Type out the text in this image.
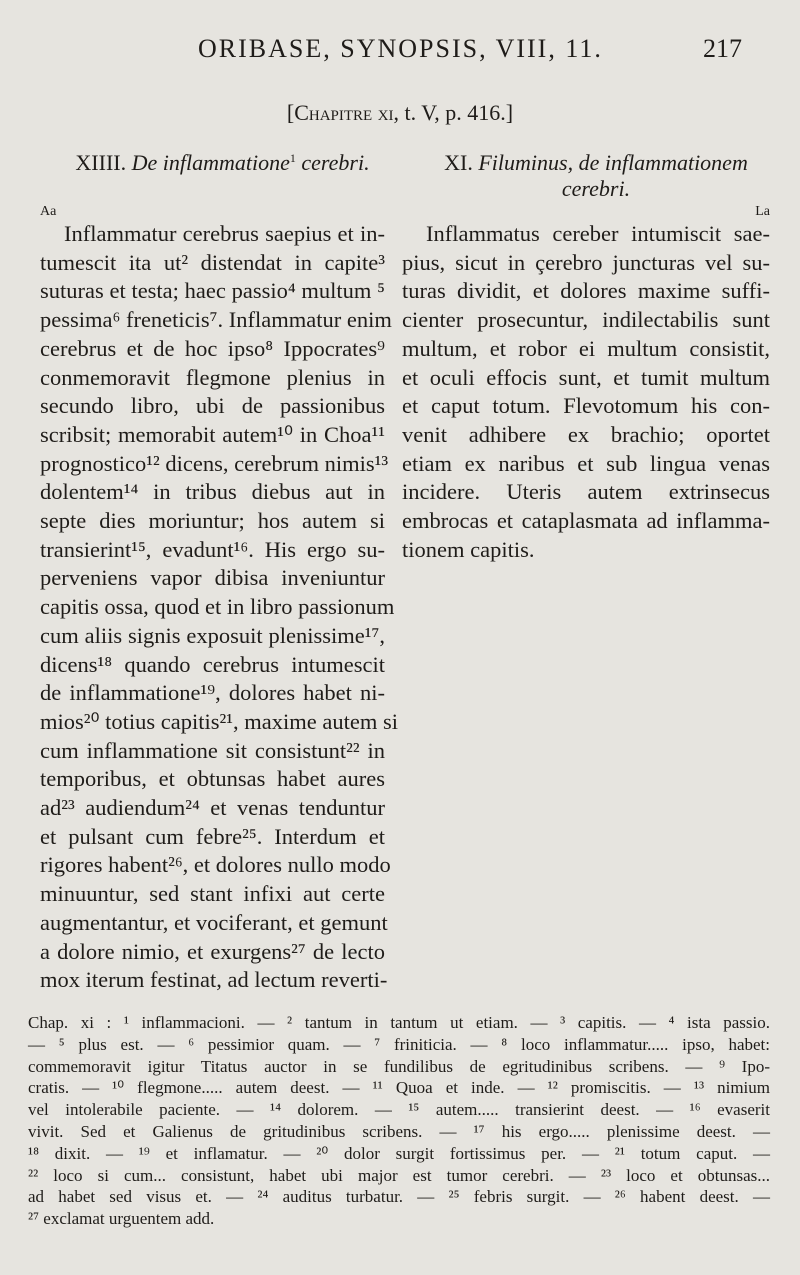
ORIBASE, SYNOPSIS, VIII, 11.	217
[Chapitre xi, t. V, p. 416.]
XIIII. De inflammatione$^1$ cerebri.
Aa
Inflammatur cerebrus saepius et in-
tumescit ita ut² distendat in capite³
suturas et testa; haec passio⁴ multum ⁵
pessima⁶ freneticis⁷. Inflammatur enim
cerebrus et de hoc ipso⁸ Ippocrates⁹
conmemoravit flegmone plenius in
secundo libro, ubi de passionibus
scribsit; memorabit autem¹⁰ in Choa¹¹
prognostico¹² dicens, cerebrum nimis¹³
dolentem¹⁴ in tribus diebus aut in
septe dies moriuntur; hos autem si
transierint¹⁵, evadunt¹⁶. His ergo su-
perveniens vapor dibisa inveniuntur
capitis ossa, quod et in libro passionum
cum aliis signis exposuit plenissime¹⁷,
dicens¹⁸ quando cerebrus intumescit
de inflammatione¹⁹, dolores habet ni-
mios²⁰ totius capitis²¹, maxime autem si
cum inflammatione sit consistunt²² in
temporibus, et obtunsas habet aures
ad²³ audiendum²⁴ et venas tenduntur
et pulsant cum febre²⁵. Interdum et
rigores habent²⁶, et dolores nullo modo
minuuntur, sed stant infixi aut certe
augmentantur, et vociferant, et gemunt
a dolore nimio, et exurgens²⁷ de lecto
mox iterum festinat, ad lectum reverti-
XI. Filuminus, de inflammationem
cerebri.
La
Inflammatus cereber intumiscit sae-
pius, sicut in çerebro juncturas vel su-
turas dividit, et dolores maxime suffi-
cienter prosecuntur, indilectabilis sunt
multum, et robor ei multum consistit,
et oculi effocis sunt, et tumit multum
et caput totum. Flevotomum his con-
venit adhibere ex brachio; oportet
etiam ex naribus et sub lingua venas
incidere. Uteris autem extrinsecus
embrocas et cataplasmata ad inflamma-
tionem capitis.
Chap. xi : ¹ inflammacioni. — ² tantum in tantum ut etiam. — ³ capitis. — ⁴ ista passio.
— ⁵ plus est. — ⁶ pessimior quam. — ⁷ friniticia. — ⁸ loco inflammatur..... ipso, habet:
commemoravit igitur Titatus auctor in se fundilibus de egritudinibus scribens. — ⁹ Ipo-
cratis. — ¹⁰ flegmone..... autem deest. — ¹¹ Quoa et inde. — ¹² promiscitis. — ¹³ nimium
vel intolerabile paciente. — ¹⁴ dolorem. — ¹⁵ autem..... transierint deest. — ¹⁶ evaserit
vivit. Sed et Galienus de gritudinibus scribens. — ¹⁷ his ergo..... plenissime deest. —
¹⁸ dixit. — ¹⁹ et inflamatur. — ²⁰ dolor surgit fortissimus per. — ²¹ totum caput. —
²² loco si cum... consistunt, habet ubi major est tumor cerebri. — ²³ loco et obtunsas...
ad habet sed visus et. — ²⁴ auditus turbatur. — ²⁵ febris surgit. — ²⁶ habent deest. —
²⁷ exclamat urguentem add.
